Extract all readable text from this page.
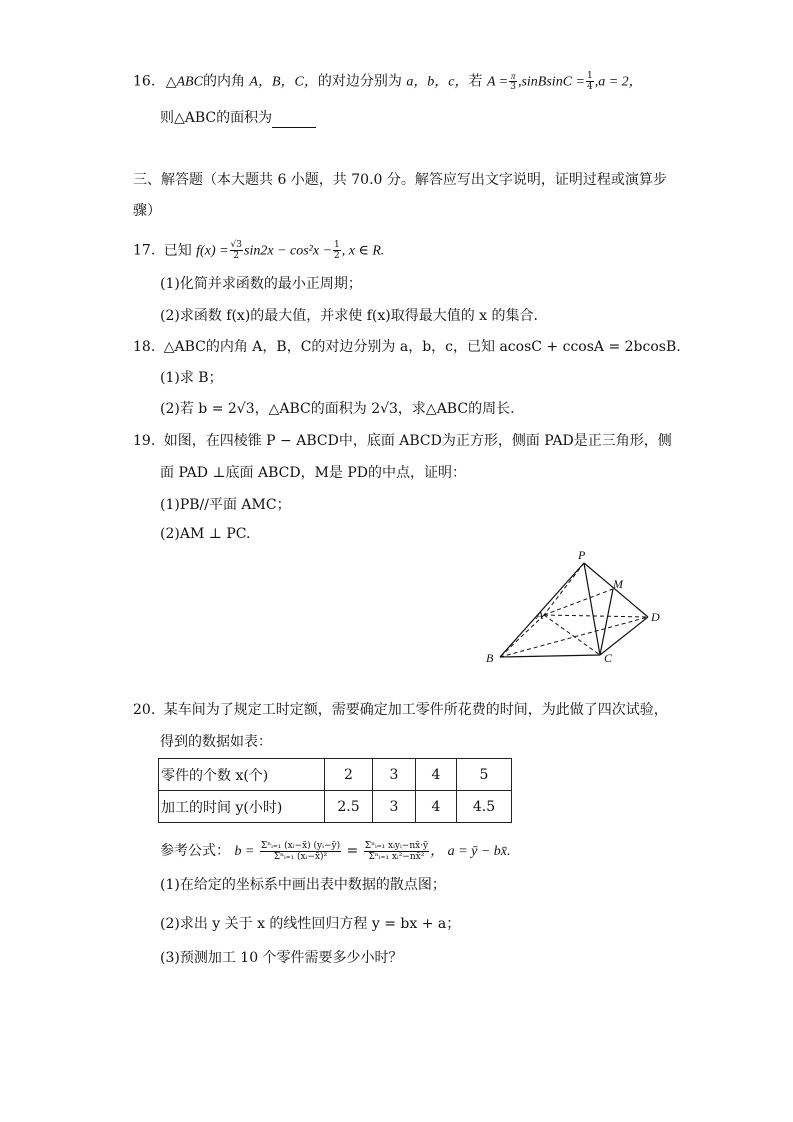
16. △ABC的内角 A，B，C，的对边分别为 a，b，c，若 $A = \frac{\pi}{3}$ ,sinBsinC = $\frac{1}{4} ,a = 2$，
则△ABC的面积为
三、解答题（本大题共 6 小题，共 70.0 分。解答应写出文字说明，证明过程或演算步
骤）
17. 已知 $f(x) = \frac{√3}{2} \sin 2x - \cos^2x - \frac{1}{2}$ , x ∈ R.
(1)化简并求函数的最小正周期；
(2)求函数 f(x)的最大值，并求使 f(x)取得最大值的 x 的集合.
18. △ABC的内角 A，B，C的对边分别为 a，b，c，已知 acosC + ccosA = 2bcosB.
(1)求 B；
(2)若 b = 2√3，△ABC的面积为 2√3，求△ABC的周长.
19. 如图，在四棱锥 P − ABCD中，底面 ABCD为正方形，侧面 PAD是正三角形，侧
面 PAD ⊥底面 ABCD，M是 PD的中点，证明：
(1)PB//平面 AMC；
(2)AM ⊥ PC.
P
M
A	D
B	C
20. 某车间为了规定工时定额，需要确定加工零件所花费的时间，为此做了四次试验，
得到的数据如表：
零件的个数 x(个)	2	3	4	5
加工的时间 y(小时)	2.5	3	4	4.5
参考公式： $b = \frac{\text{Σⁿᵢ₌₁ (xᵢ−x̄) (yᵢ−ȳ)}}{\text{Σⁿᵢ₌₁ (xᵢ−x̄)²}} = \frac{\text{Σⁿᵢ₌₁ xᵢyᵢ−nx̄·ȳ}}{\text{Σⁿᵢ₌₁ xᵢ²−nx̄²}}$ ， a = ȳ − bx̄.
(1)在给定的坐标系中画出表中数据的散点图；
(2)求出 y 关于 x 的线性回归方程 y = bx + a；
(3)预测加工 10 个零件需要多少小时？
